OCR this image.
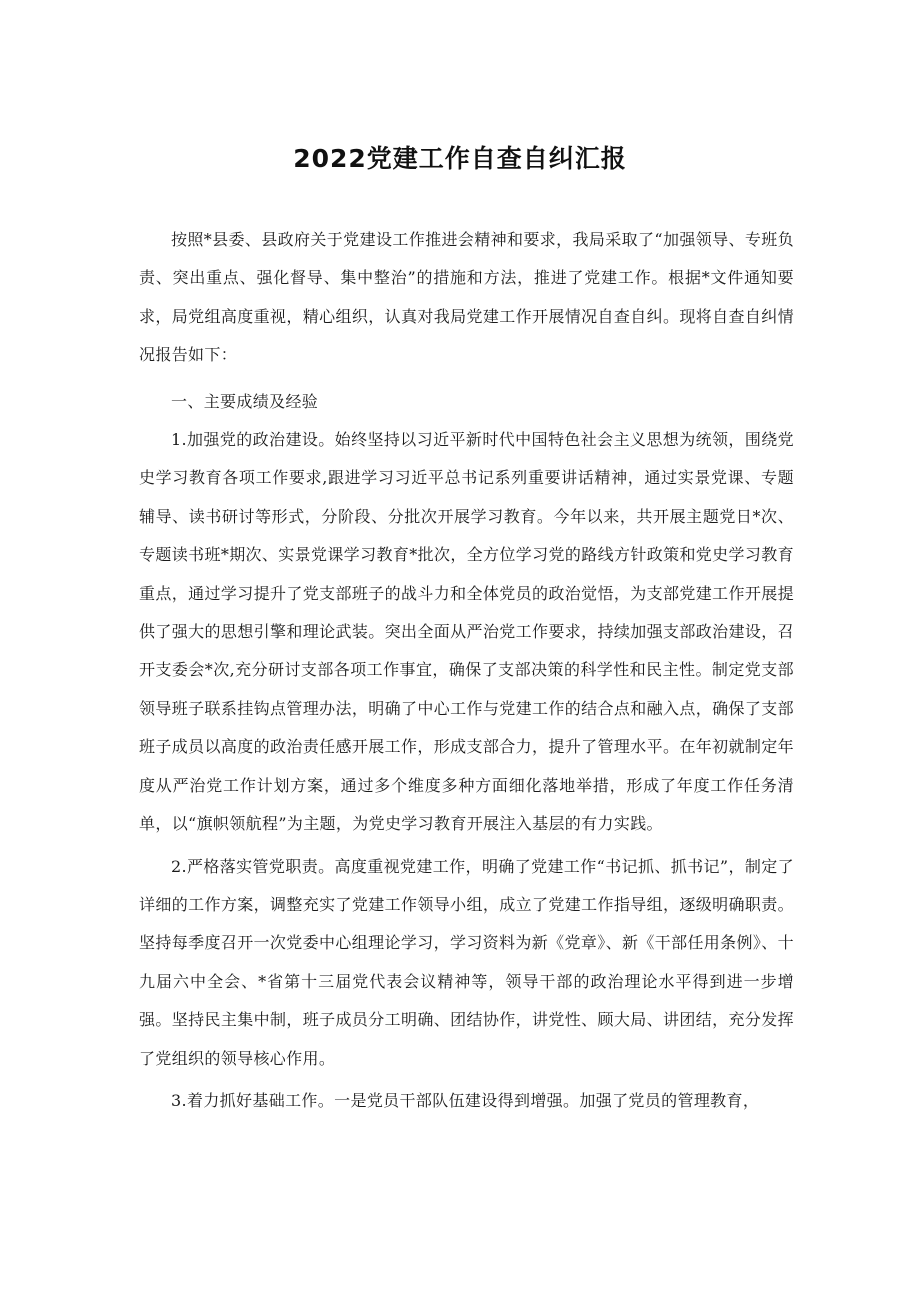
2022党建工作自查自纠汇报

按照*县委、县政府关于党建设工作推进会精神和要求，我局采取了“加强领导、专班负责、突出重点、强化督导、集中整治”的措施和方法，推进了党建工作。根据*文件通知要求，局党组高度重视，精心组织，认真对我局党建工作开展情况自查自纠。现将自查自纠情况报告如下：

一、主要成绩及经验

1.加强党的政治建设。始终坚持以习近平新时代中国特色社会主义思想为统领，围绕党史学习教育各项工作要求,跟进学习习近平总书记系列重要讲话精神，通过实景党课、专题辅导、读书研讨等形式，分阶段、分批次开展学习教育。今年以来，共开展主题党日*次、专题读书班*期次、实景党课学习教育*批次，全方位学习党的路线方针政策和党史学习教育重点，通过学习提升了党支部班子的战斗力和全体党员的政治觉悟，为支部党建工作开展提供了强大的思想引擎和理论武装。突出全面从严治党工作要求，持续加强支部政治建设，召开支委会*次,充分研讨支部各项工作事宜，确保了支部决策的科学性和民主性。制定党支部领导班子联系挂钩点管理办法，明确了中心工作与党建工作的结合点和融入点，确保了支部班子成员以高度的政治责任感开展工作，形成支部合力，提升了管理水平。在年初就制定年度从严治党工作计划方案，通过多个维度多种方面细化落地举措，形成了年度工作任务清单，以“旗帜领航程”为主题，为党史学习教育开展注入基层的有力实践。

2.严格落实管党职责。高度重视党建工作，明确了党建工作“书记抓、抓书记”，制定了详细的工作方案，调整充实了党建工作领导小组，成立了党建工作指导组，逐级明确职责。坚持每季度召开一次党委中心组理论学习，学习资料为新《党章》、新《干部任用条例》、十九届六中全会、*省第十三届党代表会议精神等，领导干部的政治理论水平得到进一步增强。坚持民主集中制，班子成员分工明确、团结协作，讲党性、顾大局、讲团结，充分发挥了党组织的领导核心作用。

3.着力抓好基础工作。一是党员干部队伍建设得到增强。加强了党员的管理教育，
